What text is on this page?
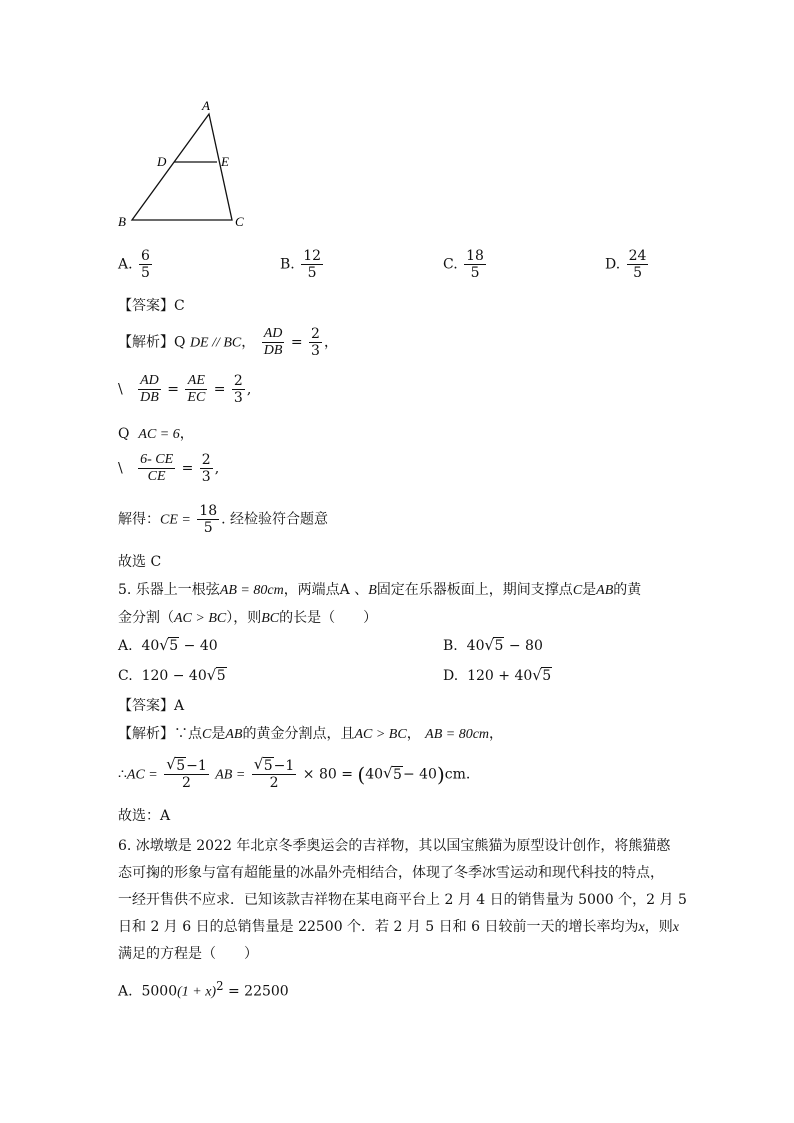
A
D	E
B	C
A. $\frac{6}{5}$	B. $\frac{12}{5}$	C. $\frac{18}{5}$	D. $\frac{24}{5}$
【答案】C
【解析】Q DE // BC， $\frac{AD}{DB} = \frac{2}{3}$ ，
\ $\frac{AD}{DB} = \frac{AE}{EC} = \frac{2}{3}$ ,
Q AC = 6，
\ $\frac{6- CE}{CE} = \frac{2}{3}$ ,
解得：CE = $\frac{18}{5}$ . 经检验符合题意
故选 C
5. 乐器上一根弦AB = 80cm，两端点A 、B固定在乐器板面上，期间支撑点C是AB的黄
金分割（AC > BC），则BC的长是（　　）
A. 40√ 5 − 40	B. 40√ 5 − 80
C. 120 − 40√ 5	D. 120 + 40√ 5
【答案】A
【解析】∵点C是AB的黄金分割点，且AC > BC， AB = 80cm，
∴AC =
√ $\frac{5-1}{2}$ AB =
√ $\frac{5-1}{2} \times 80 = (40√$ 5− 40)cm.
故选：A
6. 冰墩墩是 2022 年北京冬季奥运会的吉祥物，其以国宝熊猫为原型设计创作，将熊猫憨
态可掬的形象与富有超能量的冰晶外壳相结合，体现了冬季冰雪运动和现代科技的特点，
一经开售供不应求．已知该款吉祥物在某电商平台上 2 月 4 日的销售量为 5000 个，2 月 5
日和 2 月 6 日的总销售量是 22500 个．若 2 月 5 日和 6 日较前一天的增长率均为x，则x
满足的方程是（　　）
A. $5000(1 + x)^2 = 22500$
